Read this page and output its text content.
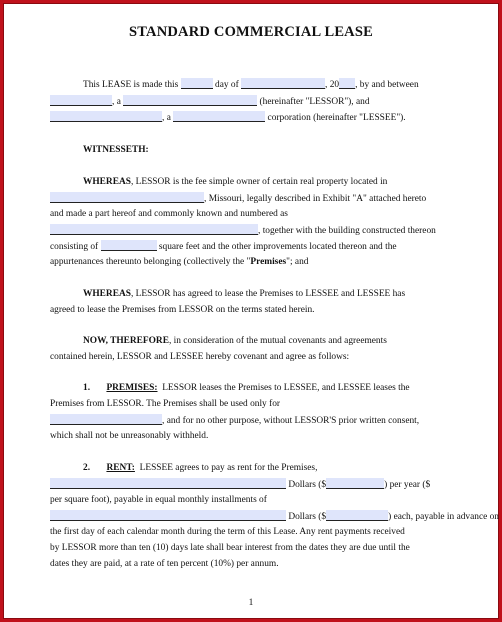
STANDARD COMMERCIAL LEASE
This LEASE is made this	day of	, 20 , by and between
, a	(hereinafter "LESSOR"), and
, a	corporation (hereinafter "LESSEE").
WITNESSETH:
WHEREAS, LESSOR is the fee simple owner of certain real property located in
, Missouri, legally described in Exhibit "A" attached hereto
and made a part hereof and commonly known and numbered as
, together with the building constructed thereon
consisting of	square feet and the other improvements located thereon and the
appurtenances thereunto belonging (collectively the "Premises"; and
WHEREAS, LESSOR has agreed to lease the Premises to LESSEE and LESSEE has
agreed to lease the Premises from LESSOR on the terms stated herein.
NOW, THEREFORE, in consideration of the mutual covenants and agreements
contained herein, LESSOR and LESSEE hereby covenant and agree as follows:
1. PREMISES: LESSOR leases the Premises to LESSEE, and LESSEE leases the
Premises from LESSOR. The Premises shall be used only for
, and for no other purpose, without LESSOR'S prior written consent,
which shall not be unreasonably withheld.
2. RENT: LESSEE agrees to pay as rent for the Premises,
Dollars ($	) per year ($
per square foot), payable in equal monthly installments of
Dollars ($	) each, payable in advance on
the first day of each calendar month during the term of this Lease. Any rent payments received
by LESSOR more than ten (10) days late shall bear interest from the dates they are due until the
dates they are paid, at a rate of ten percent (10%) per annum.
1
